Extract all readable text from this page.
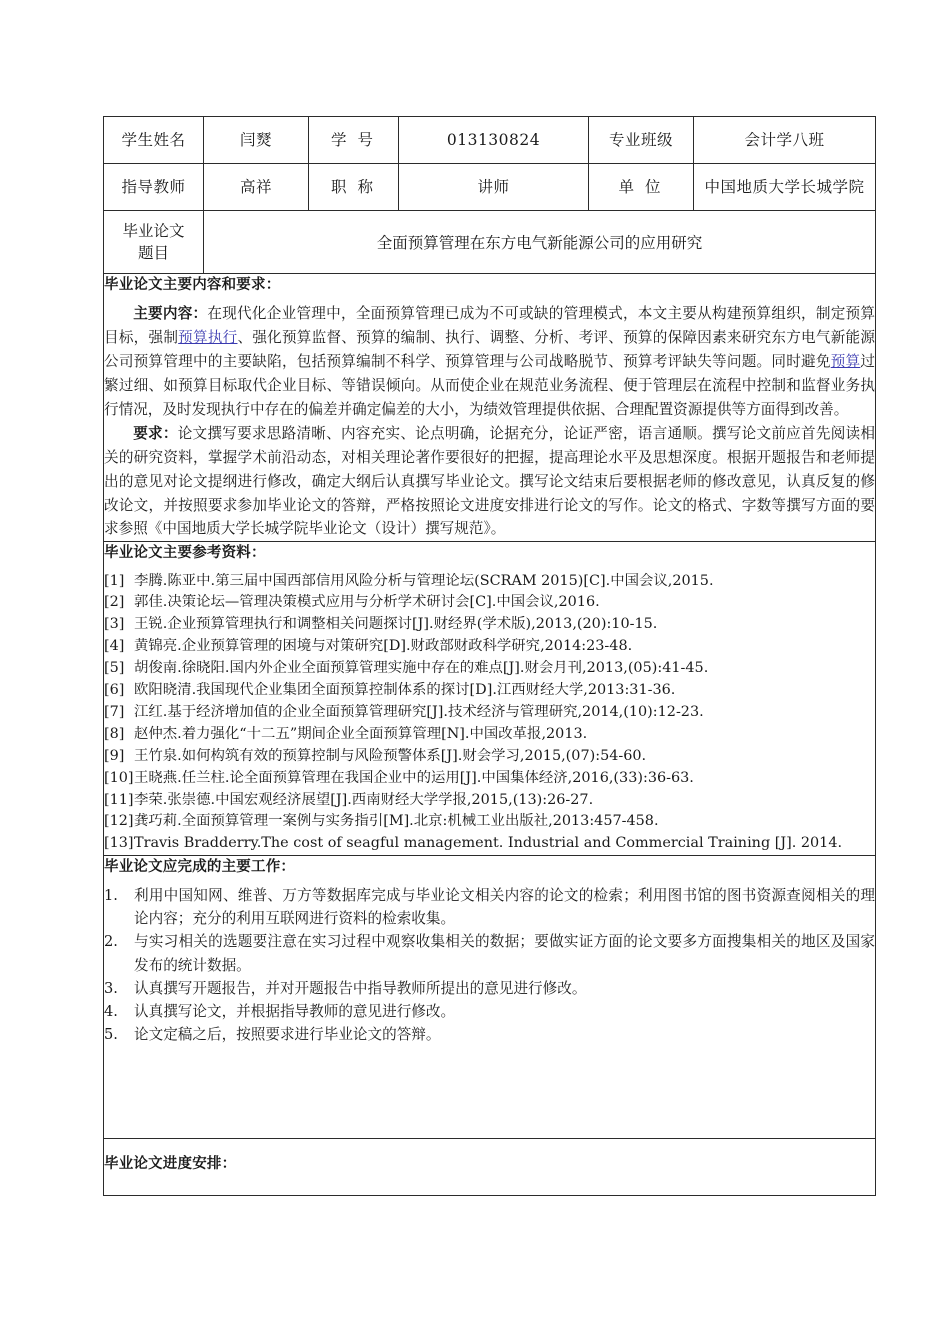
学生姓名	闫燹	学 号	013130824	专业班级	会计学八班
指导教师	高祥	职 称	讲师	单 位	中国地质大学长城学院

毕业论文
题目	全面预算管理在东方电气新能源公司的应用研究				

毕业论文主要内容和要求：

主要内容：在现代化企业管理中，全面预算管理已成为不可或缺的管理模式，本文主要从构建预算组织，制定预算目标，强制预算执行、强化预算监督、预算的编制、执行、调整、分析、考评、预算的保障因素来研究东方电气新能源公司预算管理中的主要缺陷，包括预算编制不科学、预算管理与公司战略脱节、预算考评缺失等问题。同时避免预算过繁过细、如预算目标取代企业目标、等错误倾向。从而使企业在规范业务流程、便于管理层在流程中控制和监督业务执行情况，及时发现执行中存在的偏差并确定偏差的大小，为绩效管理提供依据、合理配置资源提供等方面得到改善。

要求：论文撰写要求思路清晰、内容充实、论点明确，论据充分，论证严密，语言通顺。撰写论文前应首先阅读相关的研究资料，掌握学术前沿动态，对相关理论著作要很好的把握，提高理论水平及思想深度。根据开题报告和老师提出的意见对论文提纲进行修改，确定大纲后认真撰写毕业论文。撰写论文结束后要根据老师的修改意见，认真反复的修改论文，并按照要求参加毕业论文的答辩，严格按照论文进度安排进行论文的写作。论文的格式、字数等撰写方面的要求参照《中国地质大学长城学院毕业论文（设计）撰写规范》。					

毕业论文主要参考资料：
[1] 李腾.陈亚中.第三届中国西部信用风险分析与管理论坛(SCRAM 2015)[C].中国会议,2015.
[2] 郭佳.决策论坛—管理决策模式应用与分析学术研讨会[C].中国会议,2016.
[3] 王锐.企业预算管理执行和调整相关问题探讨[J].财经界(学术版),2013,(20):10-15.
[4] 黄锦亮.企业预算管理的困境与对策研究[D].财政部财政科学研究,2014:23-48.
[5] 胡俊南.徐晓阳.国内外企业全面预算管理实施中存在的难点[J].财会月刊,2013,(05):41-45.
[6] 欧阳晓清.我国现代企业集团全面预算控制体系的探讨[D].江西财经大学,2013:31-36.
[7] 江红.基于经济增加值的企业全面预算管理研究[J].技术经济与管理研究,2014,(10):12-23.
[8] 赵仲杰.着力强化“十二五”期间企业全面预算管理[N].中国改革报,2013.
[9] 王竹泉.如何构筑有效的预算控制与风险预警体系[J].财会学习,2015,(07):54-60.
[10] 王晓燕.任兰柱.论全面预算管理在我国企业中的运用[J].中国集体经济,2016,(33):36-63.
[11] 李荣.张崇德.中国宏观经济展望[J].西南财经大学学报,2015,(13):26-27.
[12] 龚巧莉.全面预算管理一案例与实务指引[M].北京:机械工业出版社,2013:457-458.
[13] Travis Bradderry.The cost of seagful management. Industrial and Commercial Training [J]. 2014.

毕业论文应完成的主要工作：
1.	利用中国知网、维普、万方等数据库完成与毕业论文相关内容的论文的检索；利用图书馆的图书资源查阅相关的理论内容；充分的利用互联网进行资料的检索收集。
2.	与实习相关的选题要注意在实习过程中观察收集相关的数据；要做实证方面的论文要多方面搜集相关的地区及国家发布的统计数据。
3.	认真撰写开题报告，并对开题报告中指导教师所提出的意见进行修改。
4.	认真撰写论文，并根据指导教师的意见进行修改。
5.	论文定稿之后，按照要求进行毕业论文的答辩。

毕业论文进度安排：					
